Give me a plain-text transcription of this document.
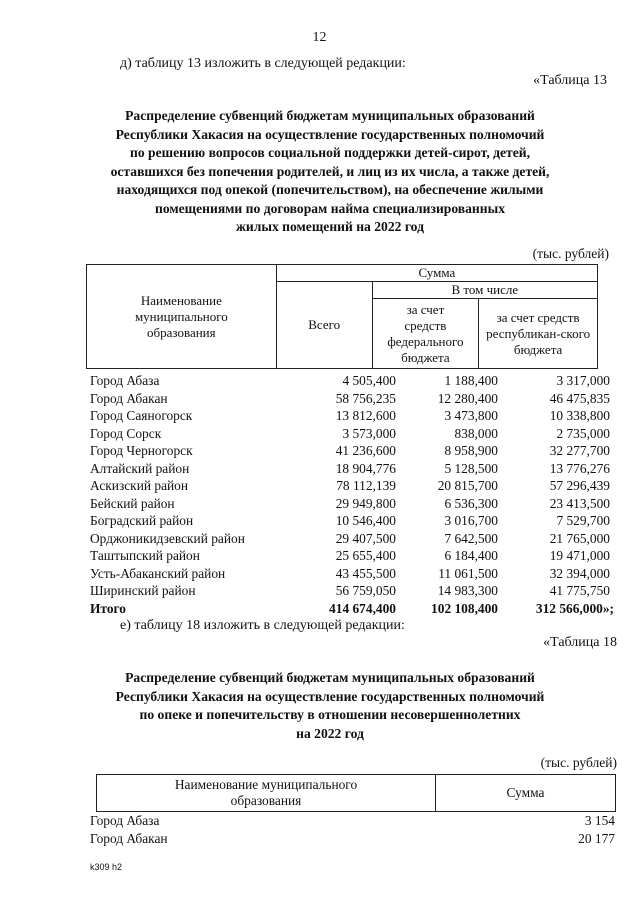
12
д) таблицу 13 изложить в следующей редакции:
«Таблица 13
Распределение субвенций бюджетам муниципальных образований
Республики Хакасия на осуществление государственных полномочий
по решению вопросов социальной поддержки детей-сирот, детей,
оставшихся без попечения родителей, и лиц из их числа, а также детей,
находящихся под опекой (попечительством), на обеспечение жилыми
помещениями по договорам найма специализированных
жилых помещений на 2022 год
(тыс. рублей)
Наименование муниципального образования	Сумма		
	Всего	В том числе	

		за счет средств федерального бюджета	за счет средств республикан-ского бюджета
Город Абаза	4 505,400	1 188,400	3 317,000
Город Абакан	58 756,235	12 280,400	46 475,835
Город Саяногорск	13 812,600	3 473,800	10 338,800
Город Сорск	3 573,000	838,000	2 735,000
Город Черногорск	41 236,600	8 958,900	32 277,700
Алтайский район	18 904,776	5 128,500	13 776,276
Аскизский район	78 112,139	20 815,700	57 296,439
Бейский район	29 949,800	6 536,300	23 413,500
Боградский район	10 546,400	3 016,700	7 529,700
Орджоникидзевский район	29 407,500	7 642,500	21 765,000
Таштыпский район	25 655,400	6 184,400	19 471,000
Усть-Абаканский район	43 455,500	11 061,500	32 394,000
Ширинский район	56 759,050	14 983,300	41 775,750
Итого	414 674,400	102 108,400	312 566,000»;
е) таблицу 18 изложить в следующей редакции:
«Таблица 18
Распределение субвенций бюджетам муниципальных образований
Республики Хакасия на осуществление государственных полномочий
по опеке и попечительству в отношении несовершеннолетних
на 2022 год
(тыс. рублей)
Наименование муниципального образования
	Сумма
Город Абаза	3 154
Город Абакан	20 177
k309 h2
